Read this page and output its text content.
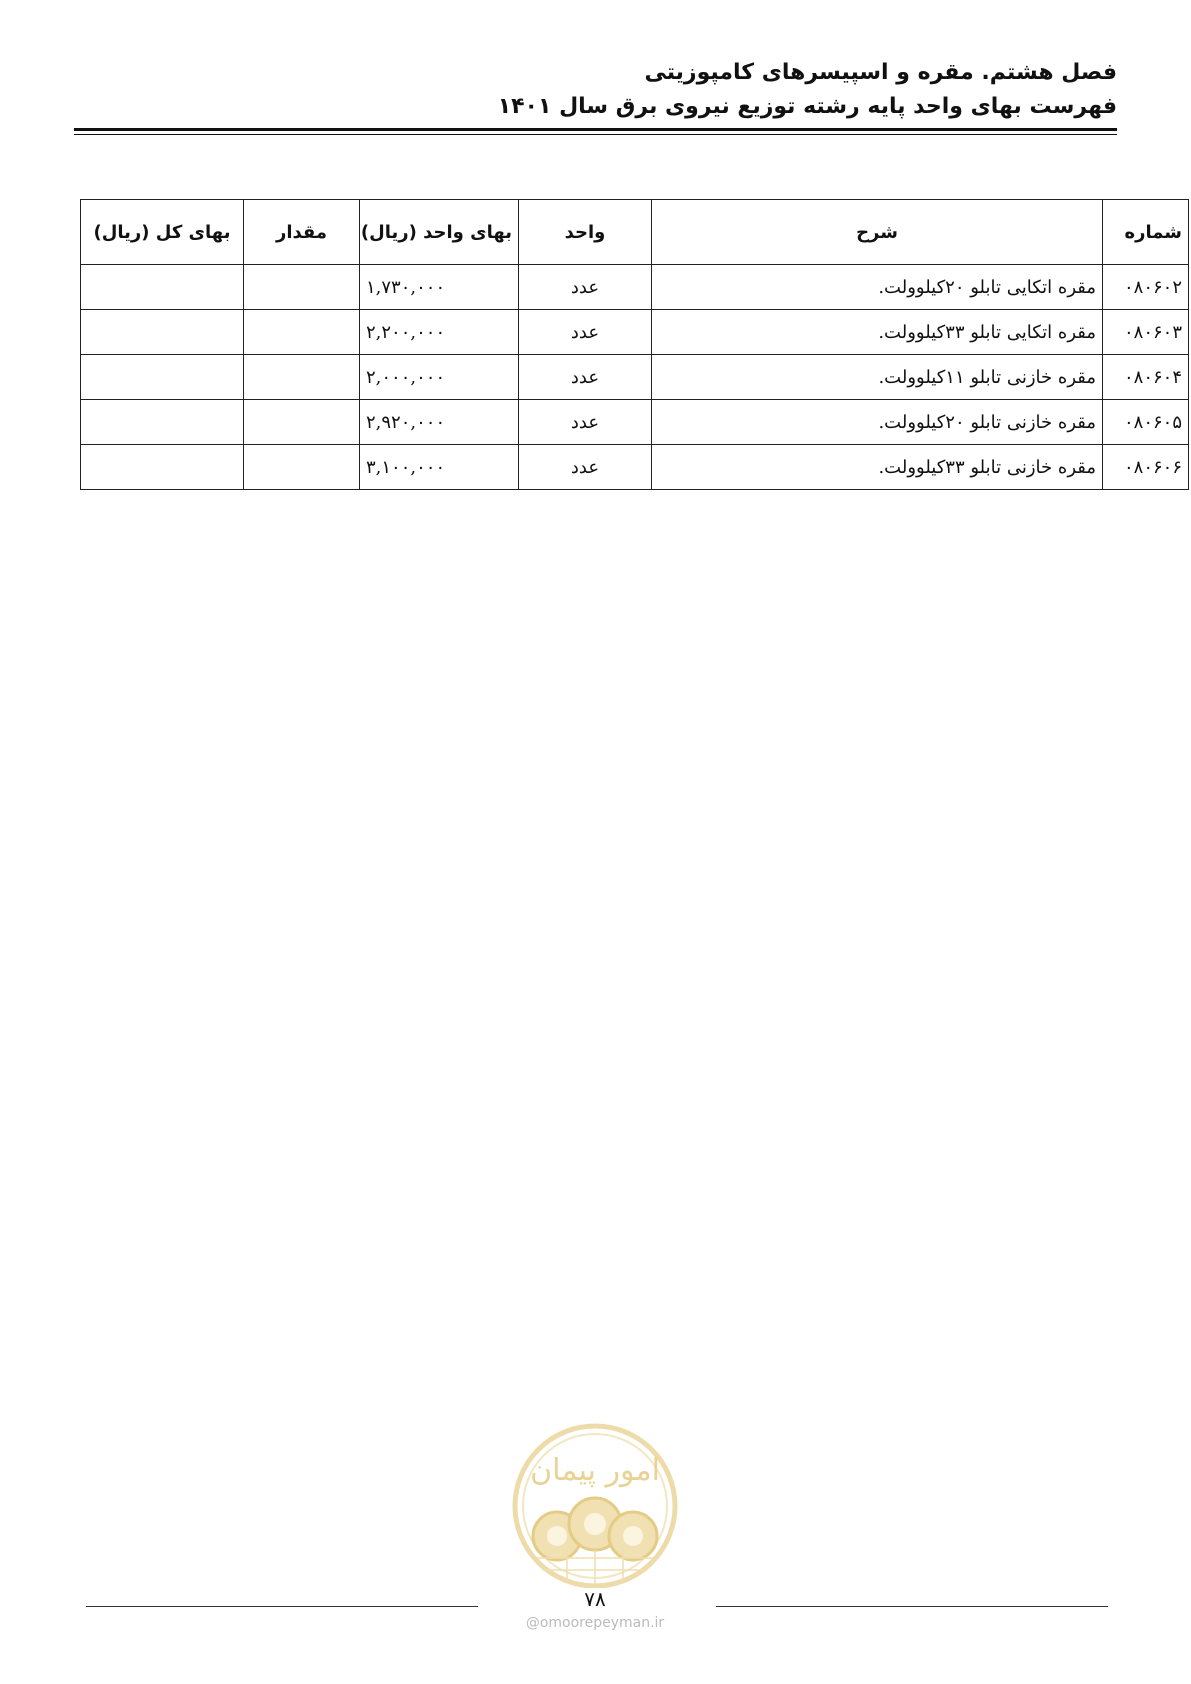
فصل هشتم. مقره و اسپیسرهای کامپوزیتی
فهرست بهای واحد پایه رشته توزیع نیروی برق سال ۱۴۰۱
شماره	شرح	واحد	بهای واحد (ریال)	مقدار	بهای کل (ریال)
۰۸۰۶۰۲	مقره اتکایی تابلو ۲۰کیلوولت.	عدد	۱,۷۳۰,۰۰۰		
۰۸۰۶۰۳	مقره اتکایی تابلو ۳۳کیلوولت.	عدد	۲,۲۰۰,۰۰۰		
۰۸۰۶۰۴	مقره خازنی تابلو ۱۱کیلوولت.	عدد	۲,۰۰۰,۰۰۰		
۰۸۰۶۰۵	مقره خازنی تابلو ۲۰کیلوولت.	عدد	۲,۹۲۰,۰۰۰		
۰۸۰۶۰۶	مقره خازنی تابلو ۳۳کیلوولت.	عدد	۳,۱۰۰,۰۰۰		
امور پیمان
۷۸
@omoorepeyman.ir
